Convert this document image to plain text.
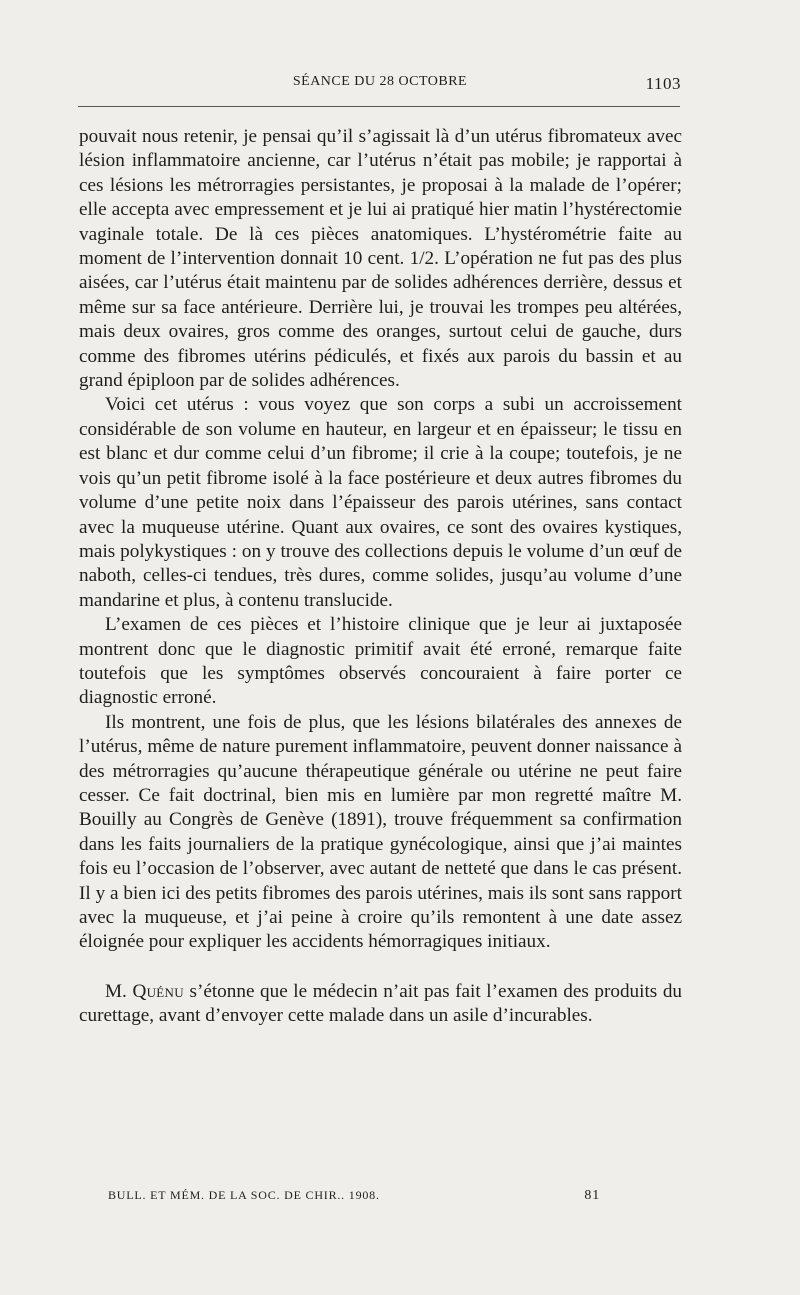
SÉANCE DU 28 OCTOBRE	1103

pouvait nous retenir, je pensai qu’il s’agissait là d’un utérus fibromateux avec lésion inflammatoire ancienne, car l’utérus n’était pas mobile; je rapportai à ces lésions les métrorragies persistantes, je proposai à la malade de l’opérer; elle accepta avec empressement et je lui ai pratiqué hier matin l’hystérectomie vaginale totale. De là ces pièces anatomiques. L’hystérométrie faite au moment de l’intervention donnait 10 cent. 1/2. L’opération ne fut pas des plus aisées, car l’utérus était maintenu par de solides adhérences derrière, dessus et même sur sa face antérieure. Derrière lui, je trouvai les trompes peu altérées, mais deux ovaires, gros comme des oranges, surtout celui de gauche, durs comme des fibromes utérins pédiculés, et fixés aux parois du bassin et au grand épiploon par de solides adhérences.

Voici cet utérus : vous voyez que son corps a subi un accroissement considérable de son volume en hauteur, en largeur et en épaisseur; le tissu en est blanc et dur comme celui d’un fibrome; il crie à la coupe; toutefois, je ne vois qu’un petit fibrome isolé à la face postérieure et deux autres fibromes du volume d’une petite noix dans l’épaisseur des parois utérines, sans contact avec la muqueuse utérine. Quant aux ovaires, ce sont des ovaires kystiques, mais polykystiques : on y trouve des collections depuis le volume d’un œuf de naboth, celles-ci tendues, très dures, comme solides, jusqu’au volume d’une mandarine et plus, à contenu translucide.

L’examen de ces pièces et l’histoire clinique que je leur ai juxtaposée montrent donc que le diagnostic primitif avait été erroné, remarque faite toutefois que les symptômes observés concouraient à faire porter ce diagnostic erroné.

Ils montrent, une fois de plus, que les lésions bilatérales des annexes de l’utérus, même de nature purement inflammatoire, peuvent donner naissance à des métrorragies qu’aucune thérapeutique générale ou utérine ne peut faire cesser. Ce fait doctrinal, bien mis en lumière par mon regretté maître M. Bouilly au Congrès de Genève (1891), trouve fréquemment sa confirmation dans les faits journaliers de la pratique gynécologique, ainsi que j’ai maintes fois eu l’occasion de l’observer, avec autant de netteté que dans le cas présent. Il y a bien ici des petits fibromes des parois utérines, mais ils sont sans rapport avec la muqueuse, et j’ai peine à croire qu’ils remontent à une date assez éloignée pour expliquer les accidents hémorragiques initiaux.

M. Quénu s’étonne que le médecin n’ait pas fait l’examen des produits du curettage, avant d’envoyer cette malade dans un asile d’incurables.

BULL. ET MÉM. DE LA SOC. DE CHIR.. 1908.	81
